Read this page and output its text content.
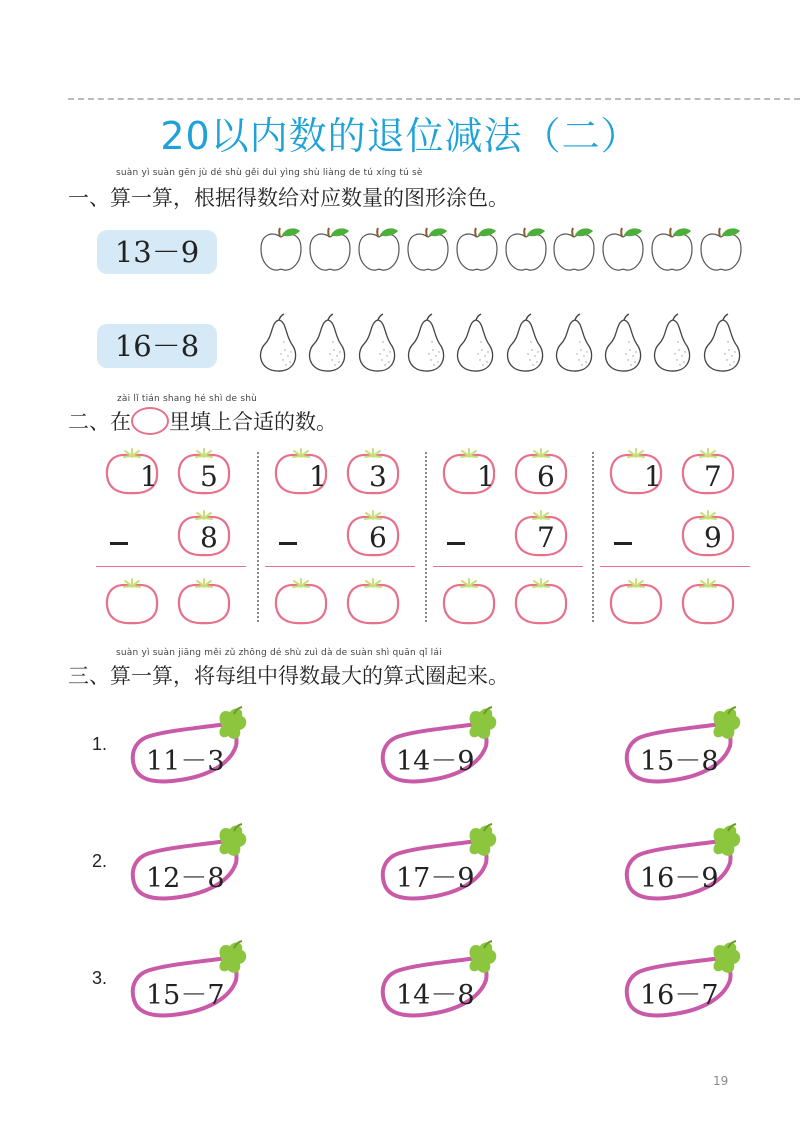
20以内数的退位减法（二）
suàn yì suàn gēn jù dé shù gěi duì yìng shù liàng de tú xíng tú sè
一、算一算，根据得数给对应数量的图形涂色。
13－9
16－8
zài lǐ tián shang hé shì de shù
二、在 里填上合适的数。
1 5
8
1 3
6
1 6
7
1 7
9
suàn yì suàn jiāng měi zǔ zhōng dé shù zuì dà de suàn shì quān qǐ lái
三、算一算，将每组中得数最大的算式圈起来。
1.
11－3	14－9	15－8
2.
12－8	17－9	16－9
3.
15－7	14－8	16－7
19
